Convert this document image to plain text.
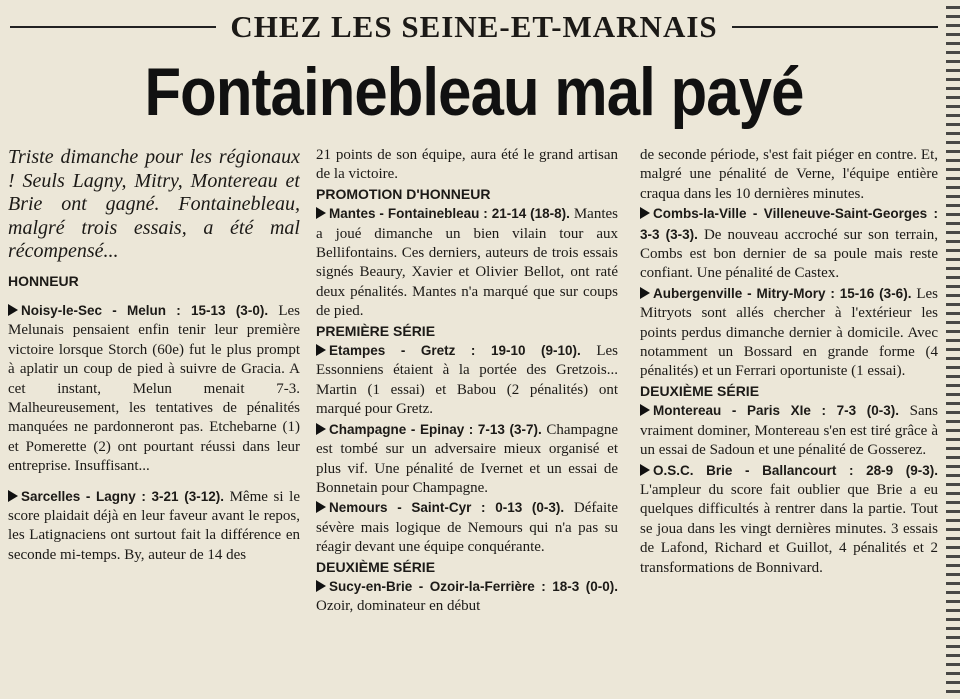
CHEZ LES SEINE-ET-MARNAIS
Fontainebleau mal payé

Triste dimanche pour les régionaux ! Seuls Lagny, Mitry, Montereau et Brie ont gagné. Fontainebleau, malgré trois essais, a été mal récompensé...

HONNEUR

Noisy-le-Sec - Melun : 15-13 (3-0). Les Melunais pensaient enfin tenir leur première victoire lorsque Storch (60e) fut le plus prompt à aplatir un coup de pied à suivre de Gracia. A cet instant, Melun menait 7-3. Malheureusement, les tentatives de pénalités manquées ne pardonneront pas. Etchebarne (1) et Pomerette (2) ont pourtant réussi dans leur entreprise. Insuffisant...

Sarcelles - Lagny : 3-21 (3-12). Même si le score plaidait déjà en leur faveur avant le repos, les Latignaciens ont surtout fait la différence en seconde mi-temps. By, auteur de 14 des

21 points de son équipe, aura été le grand artisan de la victoire.

PROMOTION D'HONNEUR

Mantes - Fontainebleau : 21-14 (18-8). Mantes a joué dimanche un bien vilain tour aux Bellifontains. Ces derniers, auteurs de trois essais signés Beaury, Xavier et Olivier Bellot, ont raté deux pénalités. Mantes n'a marqué que sur coups de pied.

PREMIÈRE SÉRIE

Etampes - Gretz : 19-10 (9-10). Les Essonniens étaient à la portée des Gretzois... Martin (1 essai) et Babou (2 pénalités) ont marqué pour Gretz.

Champagne - Epinay : 7-13 (3-7). Champagne est tombé sur un adversaire mieux organisé et plus vif. Une pénalité de Ivernet et un essai de Bonnetain pour Champagne.

Nemours - Saint-Cyr : 0-13 (0-3). Défaite sévère mais logique de Nemours qui n'a pas su réagir devant une équipe conquérante.

DEUXIÈME SÉRIE

Sucy-en-Brie - Ozoir-la-Ferrière : 18-3 (0-0). Ozoir, dominateur en début

de seconde période, s'est fait piéger en contre. Et, malgré une pénalité de Verne, l'équipe entière craqua dans les 10 dernières minutes.

Combs-la-Ville - Villeneuve-Saint-Georges : 3-3 (3-3). De nouveau accroché sur son terrain, Combs est bon dernier de sa poule mais reste confiant. Une pénalité de Castex.

Aubergenville - Mitry-Mory : 15-16 (3-6). Les Mitryots sont allés chercher à l'extérieur les points perdus dimanche dernier à domicile. Avec notamment un Bossard en grande forme (4 pénalités) et un Ferrari oportuniste (1 essai).

DEUXIÈME SÉRIE

Montereau - Paris XIe : 7-3 (0-3). Sans vraiment dominer, Montereau s'en est tiré grâce à un essai de Sadoun et une pénalité de Gosserez.

O.S.C. Brie - Ballancourt : 28-9 (9-3). L'ampleur du score fait oublier que Brie a eu quelques difficultés à rentrer dans la partie. Tout se joua dans les vingt dernières minutes. 3 essais de Lafond, Richard et Guillot, 4 pénalités et 2 transformations de Bonnivard.
